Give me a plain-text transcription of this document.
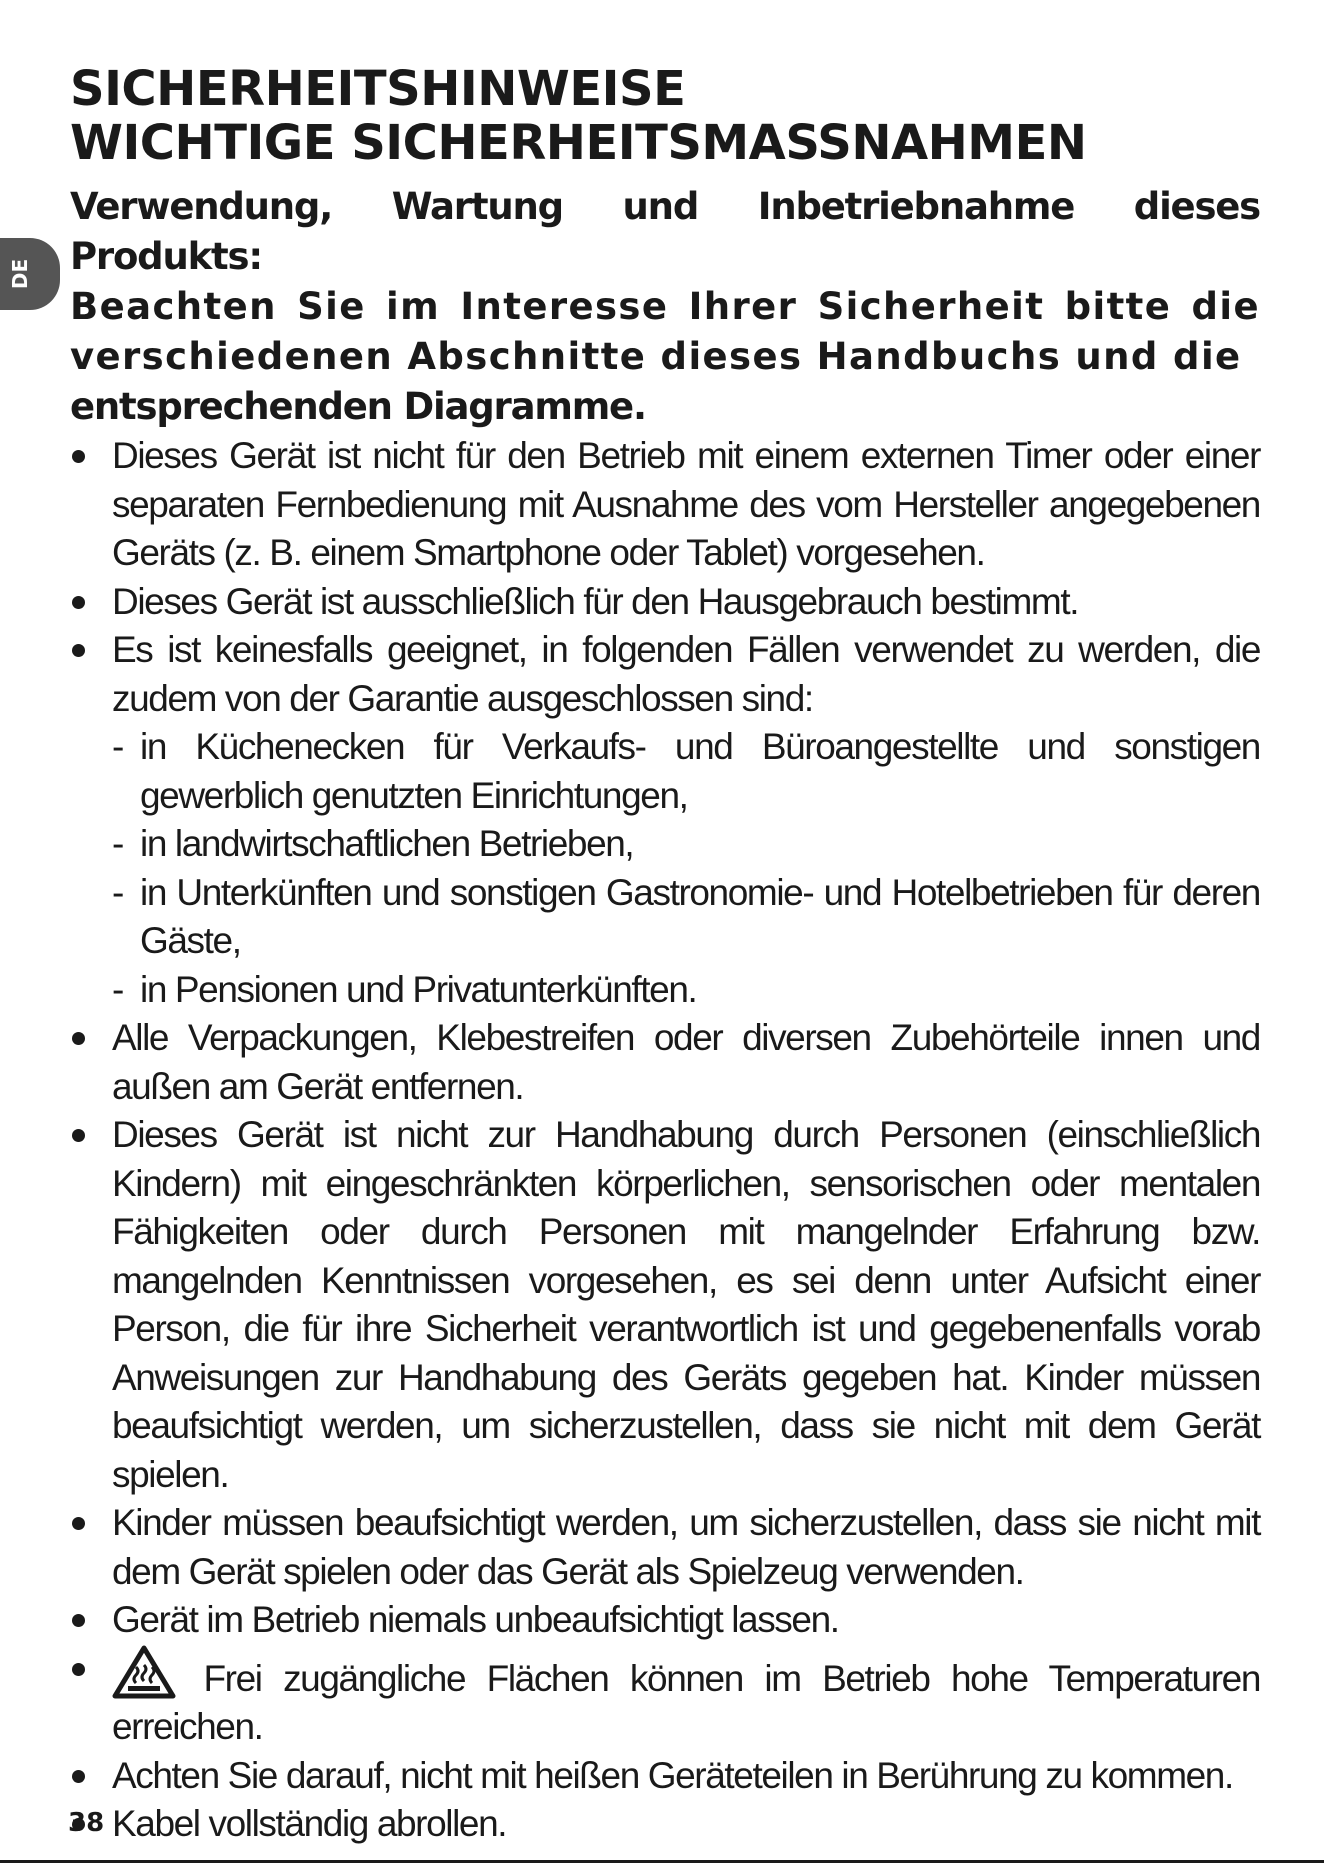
DE
SICHERHEITSHINWEISE
WICHTIGE SICHERHEITSMASSNAHMEN

Verwendung, Wartung und Inbetriebnahme dieses Produkts:
Beachten Sie im Interesse Ihrer Sicherheit bitte die verschiedenen Abschnitte dieses Handbuchs und die
entsprechenden Diagramme.

Dieses Gerät ist nicht für den Betrieb mit einem externen Timer oder einer separaten Fernbedienung mit Ausnahme des vom Hersteller angegebenen Geräts (z. B. einem Smartphone oder Tablet) vorgesehen.
Dieses Gerät ist ausschließlich für den Hausgebrauch bestimmt.
Es ist keinesfalls geeignet, in folgenden Fällen verwendet zu werden, die zudem von der Garantie ausgeschlossen sind:
- in Küchenecken für Verkaufs- und Büroangestellte und sonstigen gewerblich genutzten Einrichtungen,
- in landwirtschaftlichen Betrieben,
- in Unterkünften und sonstigen Gastronomie- und Hotelbetrieben für deren Gäste,
- in Pensionen und Privatunterkünften.
Alle Verpackungen, Klebestreifen oder diversen Zubehörteile innen und außen am Gerät entfernen.
Dieses Gerät ist nicht zur Handhabung durch Personen (einschließlich Kindern) mit eingeschränkten körperlichen, sensorischen oder mentalen Fähigkeiten oder durch Personen mit mangelnder Erfahrung bzw. mangelnden Kenntnissen vorgesehen, es sei denn unter Aufsicht einer Person, die für ihre Sicherheit verantwortlich ist und gegebenenfalls vorab Anweisungen zur Handhabung des Geräts gegeben hat. Kinder müssen beaufsichtigt werden, um sicherzustellen, dass sie nicht mit dem Gerät spielen.
Kinder müssen beaufsichtigt werden, um sicherzustellen, dass sie nicht mit dem Gerät spielen oder das Gerät als Spielzeug verwenden.
Gerät im Betrieb niemals unbeaufsichtigt lassen.
Frei zugängliche Flächen können im Betrieb hohe Temperaturen erreichen.
Achten Sie darauf, nicht mit heißen Geräteteilen in Berührung zu kommen.
Kabel vollständig abrollen.
38
